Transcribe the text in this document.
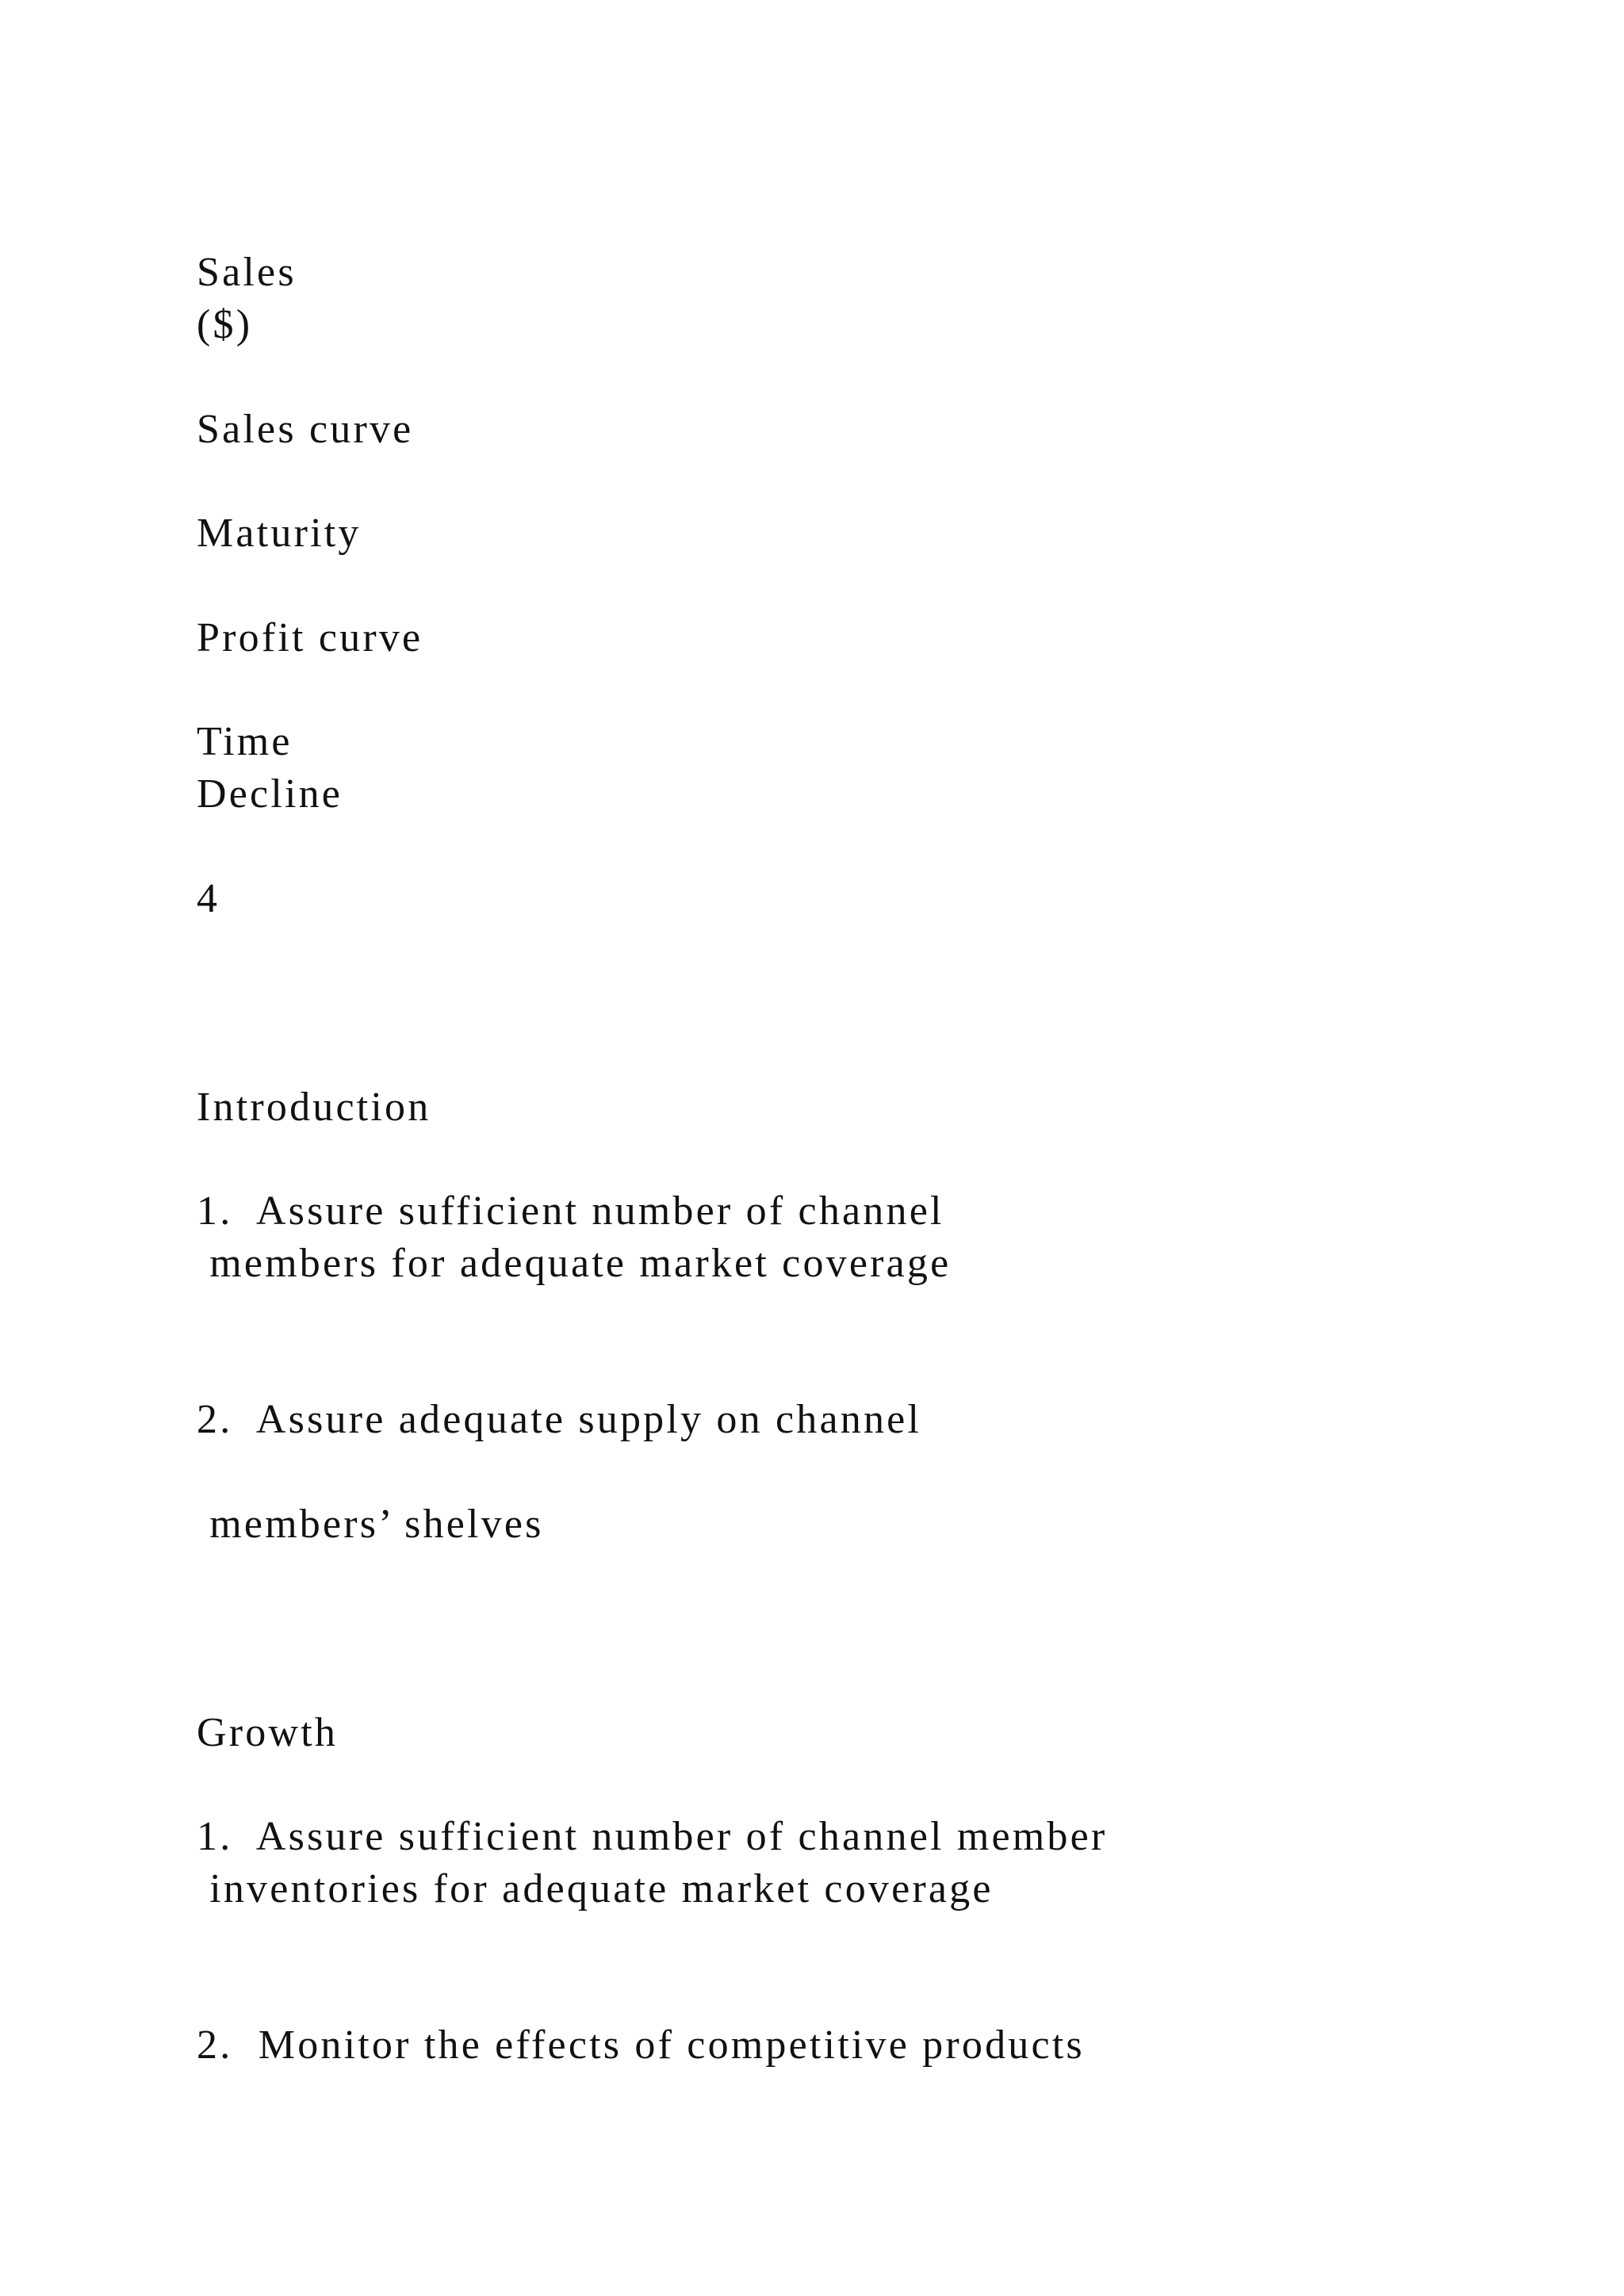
Sales

($)

Sales curve

Maturity

Profit curve

Time

Decline

4

Introduction

1.  Assure sufficient number of channel

members for adequate market coverage

2.  Assure adequate supply on channel

members’ shelves

Growth

1.  Assure sufficient number of channel member

inventories for adequate market coverage

2.  Monitor the effects of competitive products
